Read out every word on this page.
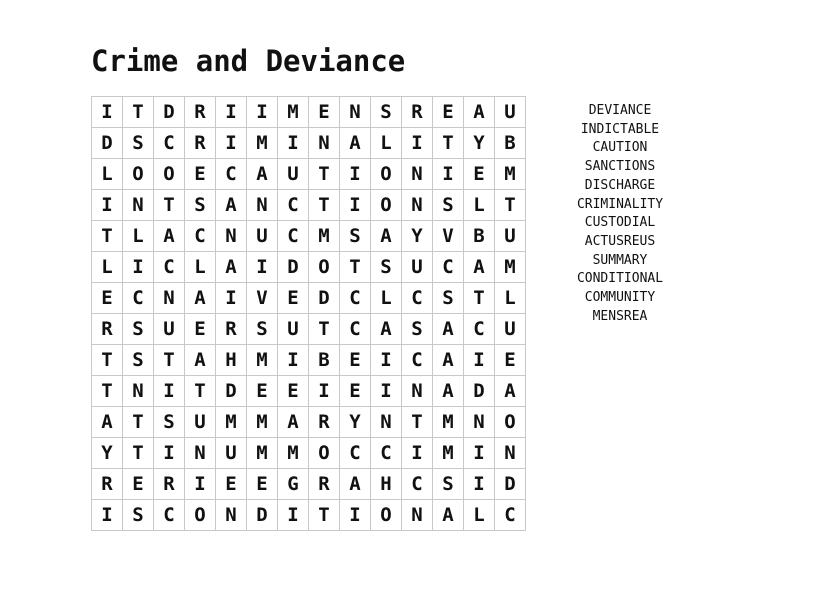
Crime and Deviance
I	T	D	R	I	I	M	E	N	S	R	E	A	U
D	S	C	R	I	M	I	N	A	L	I	T	Y	B
L	O	O	E	C	A	U	T	I	O	N	I	E	M
I	N	T	S	A	N	C	T	I	O	N	S	L	T
T	L	A	C	N	U	C	M	S	A	Y	V	B	U
L	I	C	L	A	I	D	O	T	S	U	C	A	M
E	C	N	A	I	V	E	D	C	L	C	S	T	L
R	S	U	E	R	S	U	T	C	A	S	A	C	U
T	S	T	A	H	M	I	B	E	I	C	A	I	E
T	N	I	T	D	E	E	I	E	I	N	A	D	A
A	T	S	U	M	M	A	R	Y	N	T	M	N	O
Y	T	I	N	U	M	M	O	C	C	I	M	I	N
R	E	R	I	E	E	G	R	A	H	C	S	I	D
I	S	C	O	N	D	I	T	I	O	N	A	L	C
DEVIANCE
INDICTABLE
CAUTION
SANCTIONS
DISCHARGE
CRIMINALITY
CUSTODIAL
ACTUSREUS
SUMMARY
CONDITIONAL
COMMUNITY
MENSREA
